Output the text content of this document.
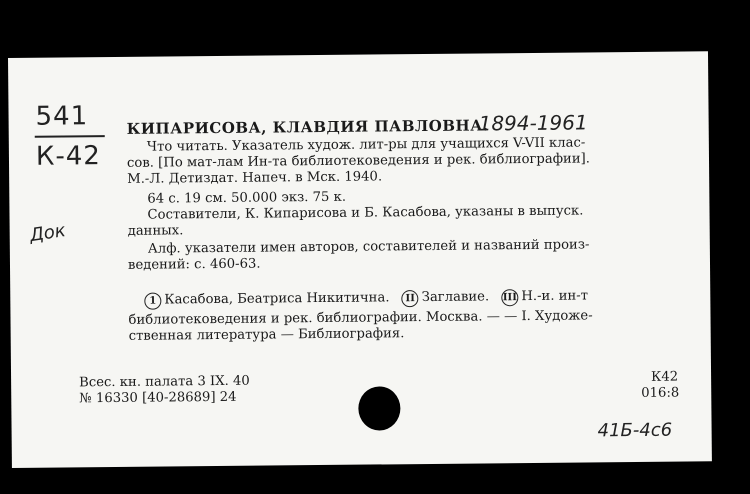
541
К-42
Док
КИПАРИСОВА, КЛАВДИЯ ПАВЛОВНА.
1894-1961
Что читать. Указатель худож. лит-ры для учащихся V-VII клас-
сов. [По мат-лам Ин-та библиотековедения и рек. библиографии].
М.-Л. Детиздат. Напеч. в Мск. 1940.
64 с. 19 см. 50.000 экз. 75 к.
Составители, К. Кипарисова и Б. Касабова, указаны в выпуск.
данных.
Алф. указатели имен авторов, составителей и названий произ-
ведений: с. 460-63.
1 Касабова, Беатриса Никитична. II Заглавие. III Н.-и. ин-т
библиотековедения и рек. библиографии. Москва. — — I. Художе-
ственная литература — Библиография.
Всес. кн. палата 3 IX. 40
№ 16330 [40-28689] 24
К42
016:8
41Б-4с6
